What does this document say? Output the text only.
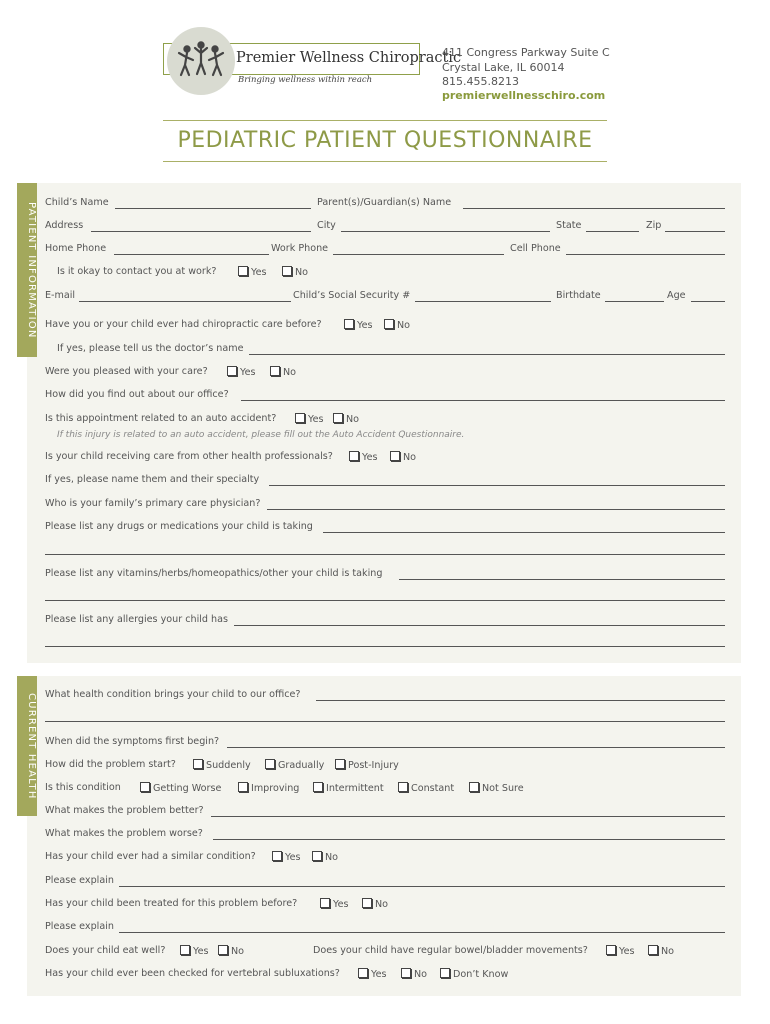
Premier Wellness Chiropractic
Bringing wellness within reach
411 Congress Parkway Suite C
Crystal Lake, IL 60014
815.455.8213
premierwellnesschiro.com
PEDIATRIC PATIENT QUESTIONNAIRE
PATIENT INFORMATION Child’s Name	Parent(s)/Guardian(s) Name
Address	City	State	Zip
Home Phone	Work Phone	Cell Phone
Is it okay to contact you at work?	Yes	No
E-mail	Child’s Social Security #	Birthdate	Age
Have you or your child ever had chiropractic care before?	Yes	No
If yes, please tell us the doctor’s name
Were you pleased with your care?	Yes	No
How did you find out about our office?
Is this appointment related to an auto accident?	Yes	No
If this injury is related to an auto accident, please fill out the Auto Accident Questionnaire.
Is your child receiving care from other health professionals?	Yes	No
If yes, please name them and their specialty
Who is your family’s primary care physician?
Please list any drugs or medications your child is taking
Please list any vitamins/herbs/homeopathics/other your child is taking
Please list any allergies your child has
CURRENT HEALTH What health condition brings your child to our office?
When did the symptoms first begin?
How did the problem start?	Suddenly	Gradually	Post-Injury
Is this condition	Getting Worse	Improving	Intermittent	Constant	Not Sure
What makes the problem better?
What makes the problem worse?
Has your child ever had a similar condition?	Yes	No
Please explain
Has your child been treated for this problem before?	Yes	No
Please explain
Does your child eat well?	Yes	No	Does your child have regular bowel/bladder movements?	Yes	No
Has your child ever been checked for vertebral subluxations?	Yes	No	Don’t Know
